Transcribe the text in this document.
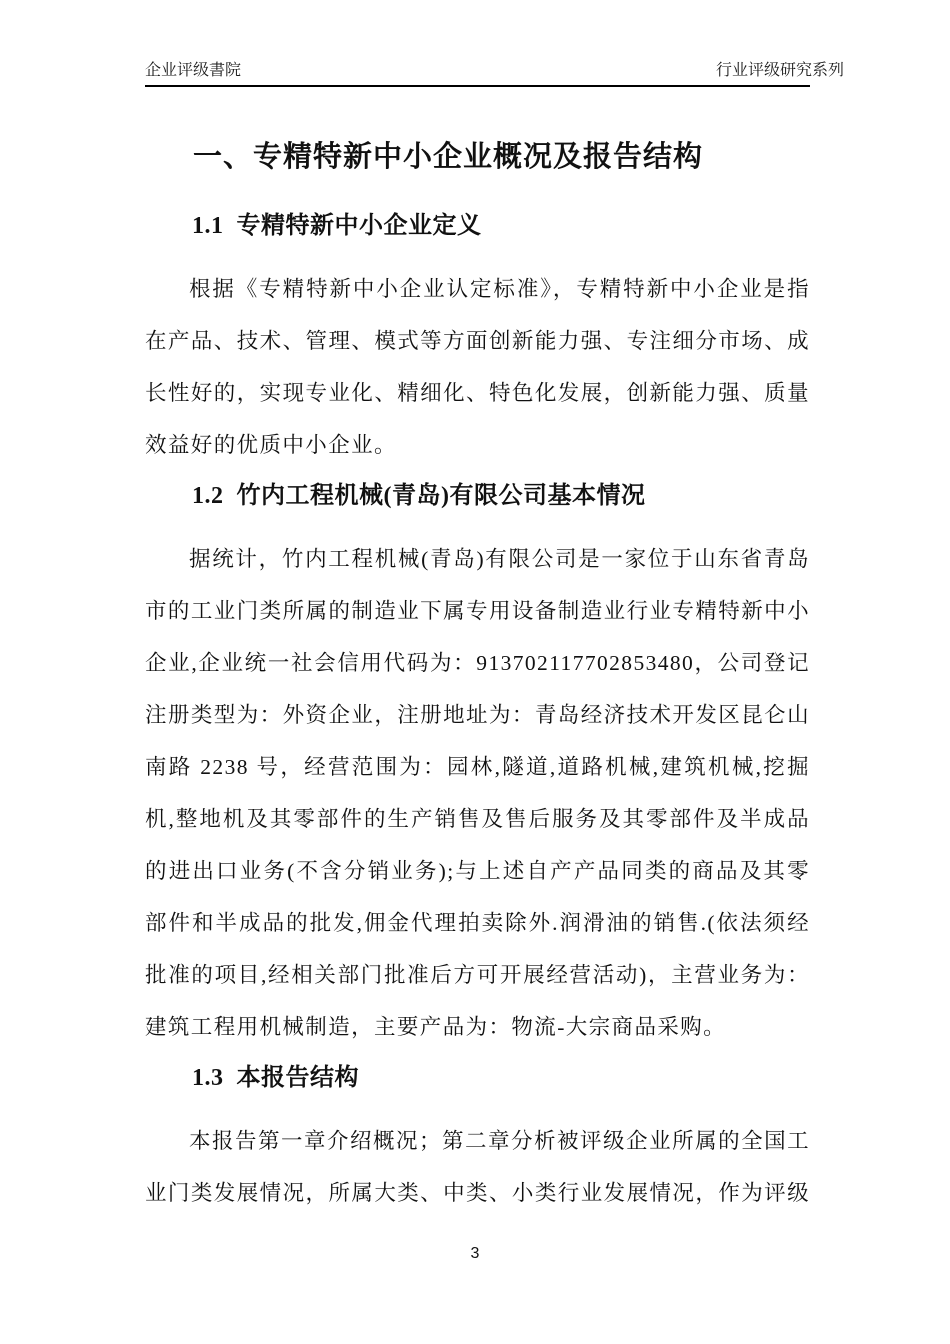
企业评级書院	行业评级研究系列
一、专精特新中小企业概况及报告结构
1.1 专精特新中小企业定义

根据《专精特新中小企业认定标准》，专精特新中小企业是指在产品、技术、管理、模式等方面创新能力强、专注细分市场、成长性好的，实现专业化、精细化、特色化发展，创新能力强、质量效益好的优质中小企业。

1.2 竹内工程机械(青岛)有限公司基本情况

据统计，竹内工程机械(青岛)有限公司是一家位于山东省青岛市的工业门类所属的制造业下属专用设备制造业行业专精特新中小企业,企业统一社会信用代码为：913702117702853480，公司登记注册类型为：外资企业，注册地址为：青岛经济技术开发区昆仑山南路 2238 号，经营范围为：园林,隧道,道路机械,建筑机械,挖掘机,整地机及其零部件的生产销售及售后服务及其零部件及半成品的进出口业务(不含分销业务);与上述自产产品同类的商品及其零部件和半成品的批发,佣金代理拍卖除外.润滑油的销售.(依法须经批准的项目,经相关部门批准后方可开展经营活动)，主营业务为：建筑工程用机械制造，主要产品为：物流-大宗商品采购。

1.3 本报告结构

本报告第一章介绍概况；第二章分析被评级企业所属的全国工业门类发展情况，所属大类、中类、小类行业发展情况，作为评级

3
